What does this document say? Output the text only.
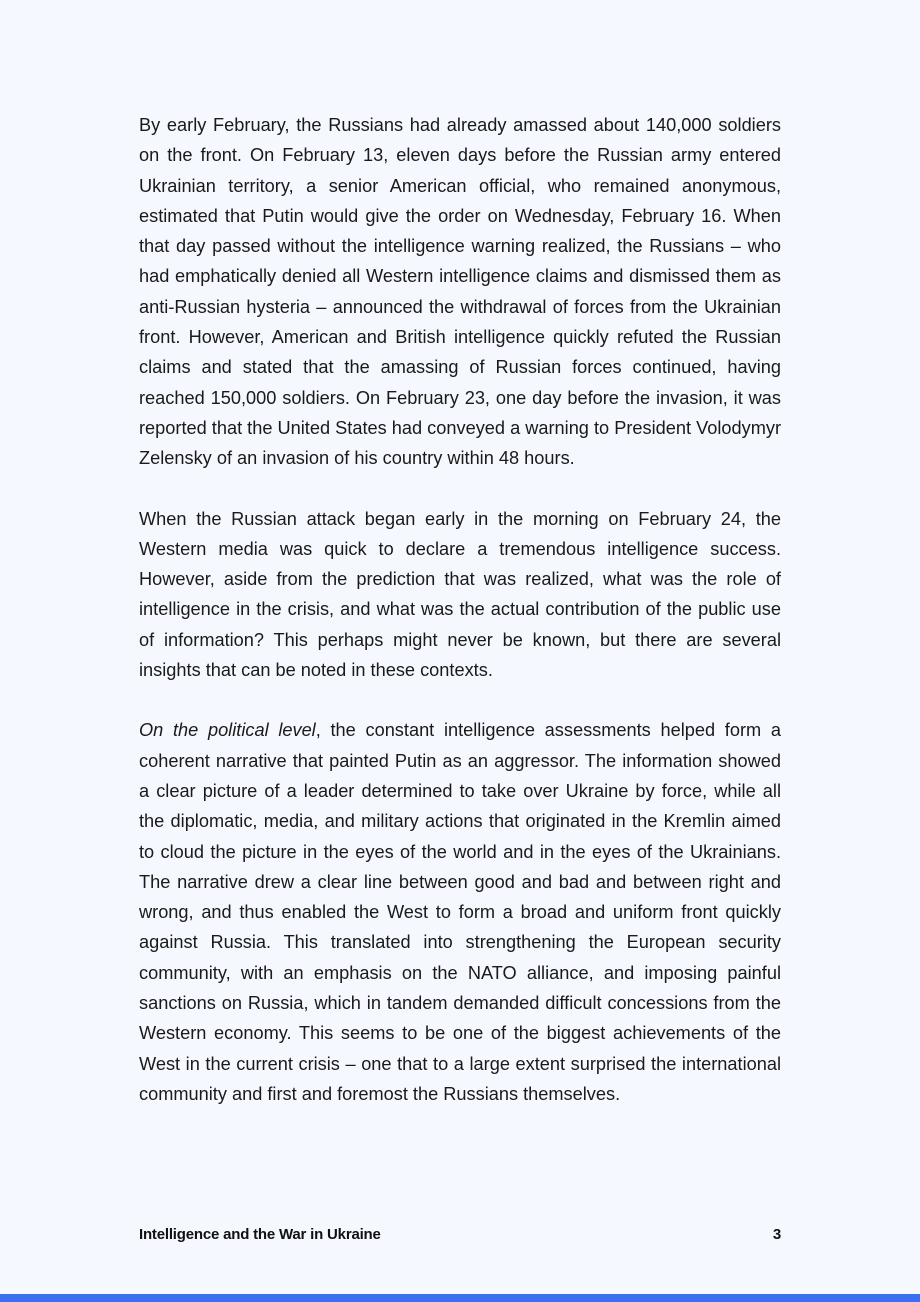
By early February, the Russians had already amassed about 140,000 soldiers on the front. On February 13, eleven days before the Russian army entered Ukrainian territory, a senior American official, who remained anonymous, estimated that Putin would give the order on Wednesday, February 16. When that day passed without the intelligence warning realized, the Russians – who had emphatically denied all Western intelligence claims and dismissed them as anti-Russian hysteria – announced the withdrawal of forces from the Ukrainian front. However, American and British intelligence quickly refuted the Russian claims and stated that the amassing of Russian forces continued, having reached 150,000 soldiers. On February 23, one day before the invasion, it was reported that the United States had conveyed a warning to President Volodymyr Zelensky of an invasion of his country within 48 hours.

When the Russian attack began early in the morning on February 24, the Western media was quick to declare a tremendous intelligence success. However, aside from the prediction that was realized, what was the role of intelligence in the crisis, and what was the actual contribution of the public use of information? This perhaps might never be known, but there are several insights that can be noted in these contexts.

On the political level, the constant intelligence assessments helped form a coherent narrative that painted Putin as an aggressor. The information showed a clear picture of a leader determined to take over Ukraine by force, while all the diplomatic, media, and military actions that originated in the Kremlin aimed to cloud the picture in the eyes of the world and in the eyes of the Ukrainians. The narrative drew a clear line between good and bad and between right and wrong, and thus enabled the West to form a broad and uniform front quickly against Russia. This translated into strengthening the European security community, with an emphasis on the NATO alliance, and imposing painful sanctions on Russia, which in tandem demanded difficult concessions from the Western economy. This seems to be one of the biggest achievements of the West in the current crisis – one that to a large extent surprised the international community and first and foremost the Russians themselves.

Intelligence and the War in Ukraine	3
